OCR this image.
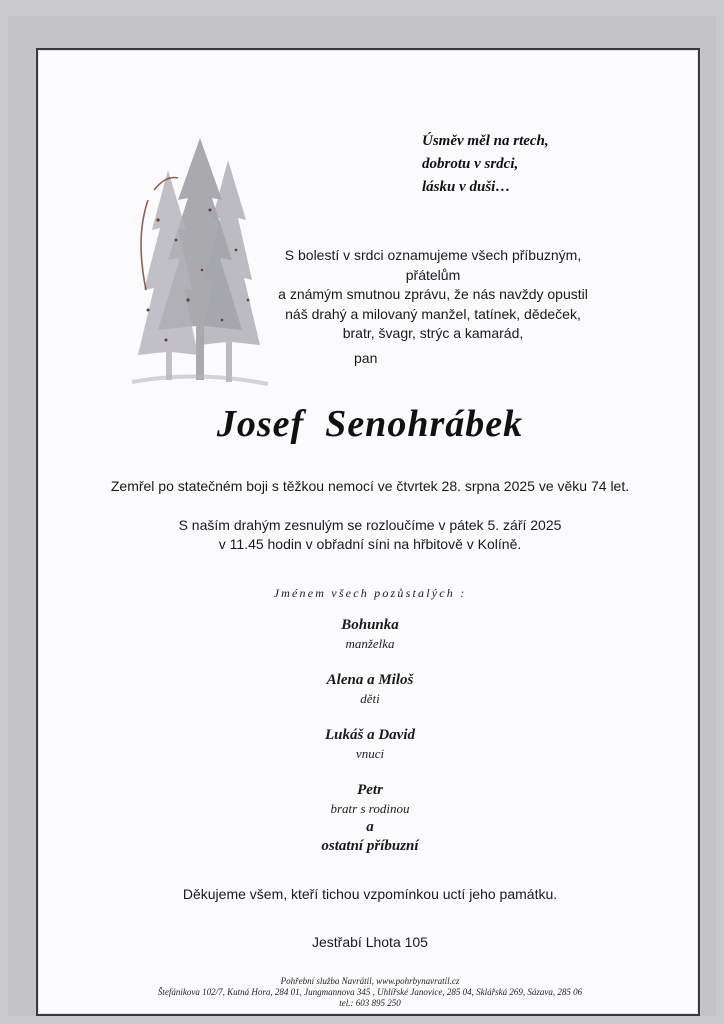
Úsměv měl na rtech,
dobrotu v srdci,
lásku v duši…
S bolestí v srdci oznamujeme všech příbuzným, přátelům
a známým smutnou zprávu, že nás navždy opustil
náš drahý a milovaný manžel, tatínek, dědeček,
bratr, švagr, strýc a kamarád,
pan
Josef  Senohrábek
Zemřel po statečném boji s těžkou nemocí ve čtvrtek 28. srpna 2025 ve věku 74 let.
S naším drahým zesnulým se rozloučíme v pátek 5. září 2025
v 11.45 hodin v obřadní síni na hřbitově v Kolíně.
Jménem všech pozůstalých :
Bohunka
manželka
Alena a Miloš
děti
Lukáš a David
vnuci
Petr
bratr s rodinou
a
ostatní příbuzní
Děkujeme všem, kteří tichou vzpomínkou uctí jeho památku.
Jestřabí Lhota 105
Pohřební služba Navrátil, www.pohrbynavratil.cz
Štefánikova 102/7, Kutná Hora, 284 01, Jungmannova 345 , Uhlířské Janovice, 285 04, Sklářská 269, Sázava, 285 06
tel.: 603 895 250
